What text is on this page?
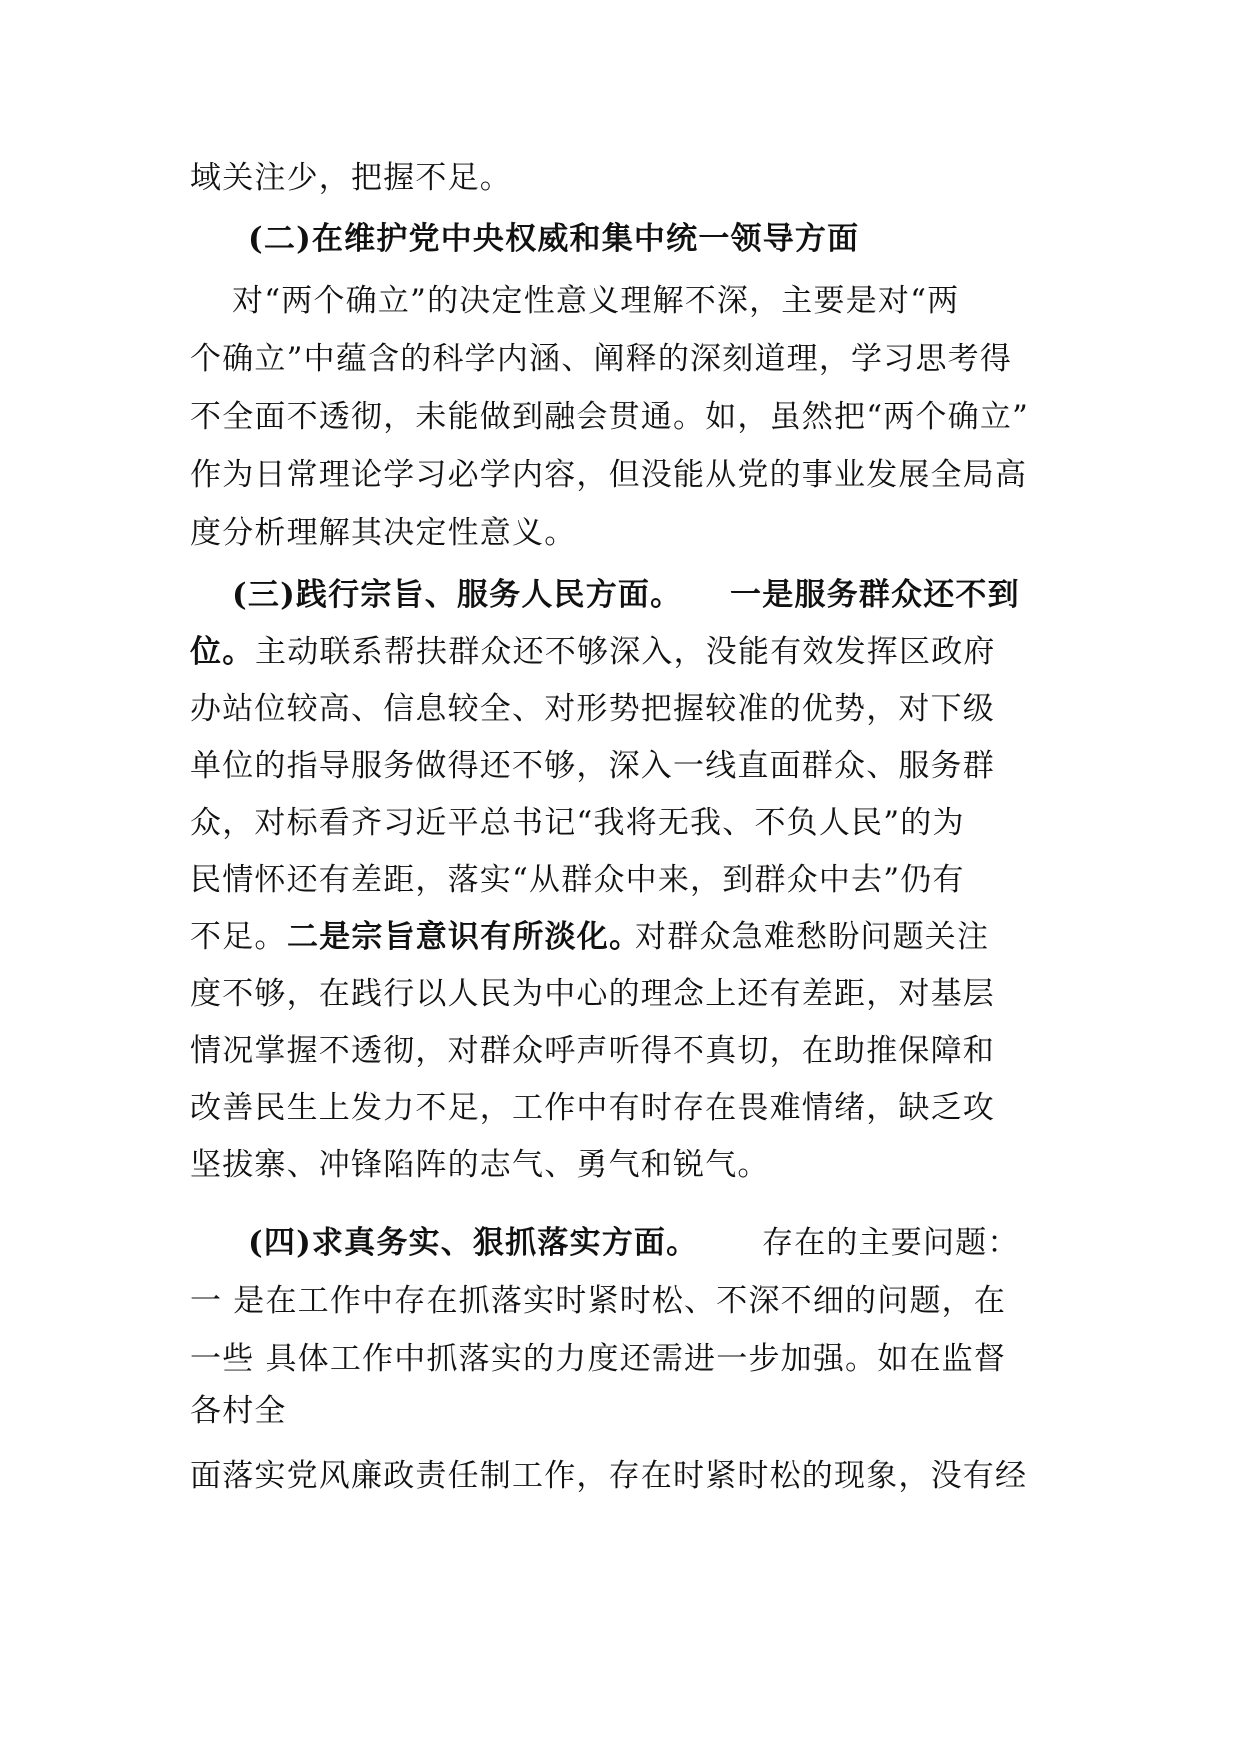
域关注少，把握不足。
(二)在维护党中央权威和集中统一领导方面
对“两个确立”的决定性意义理解不深，主要是对“两
个确立”中蕴含的科学内涵、阐释的深刻道理，学习思考得
不全面不透彻，未能做到融会贯通。如，虽然把“两个确立”
作为日常理论学习必学内容，但没能从党的事业发展全局高
度分析理解其决定性意义。
(三)践行宗旨、服务人民方面。 一是服务群众还不到
位。 主动联系帮扶群众还不够深入，没能有效发挥区政府
办站位较高、信息较全、对形势把握较准的优势，对下级
单位的指导服务做得还不够，深入一线直面群众、服务群
众，对标看齐习近平总书记“我将无我、不负人民”的为
民情怀还有差距，落实“从群众中来，到群众中去”仍有
不足。 二是宗旨意识有所淡化。
对群众急难愁盼问题关注
度不够，在践行以人民为中心的理念上还有差距，对基层
情况掌握不透彻，对群众呼声听得不真切，在助推保障和
改善民生上发力不足，工作中有时存在畏难情绪，缺乏攻
坚拔寨、冲锋陷阵的志气、勇气和锐气。
(四)求真务实、狠抓落实方面。 存在的主要问题：
一 是在工作中存在抓落实时紧时松、不深不细的问题，在
一些 具体工作中抓落实的力度还需进一步加强。如在监督
各村全
面落实党风廉政责任制工作，存在时紧时松的现象，没有经
